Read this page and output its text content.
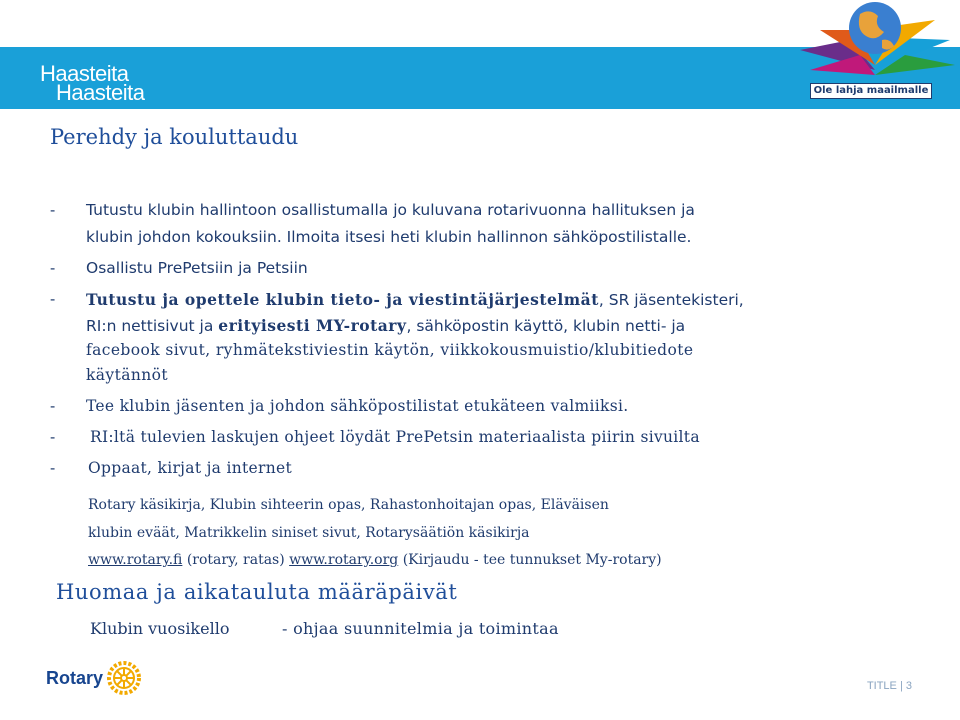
Haasteita
Haasteita	Ole lahja maailmalle
Perehdy ja kouluttaudu
- Tutustu klubin hallintoon osallistumalla jo kuluvana rotarivuonna hallituksen ja
klubin johdon kokouksiin. Ilmoita itsesi heti klubin hallinnon sähköpostilistalle.
- Osallistu PrePetsiin ja Petsiin
- Tutustu ja opettele klubin tieto- ja viestintäjärjestelmät, SR jäsentekisteri,
RI:n nettisivut ja erityisesti MY-rotary, sähköpostin käyttö, klubin netti- ja
facebook sivut, ryhmätekstiviestin käytön, viikkokousmuistio/klubitiedote
käytännöt
- Tee klubin jäsenten ja johdon sähköpostilistat etukäteen valmiiksi.
- RI:ltä tulevien laskujen ohjeet löydät PrePetsin materiaalista piirin sivuilta
- Oppaat, kirjat ja internet
Rotary käsikirja, Klubin sihteerin opas, Rahastonhoitajan opas, Eläväisen
klubin eväät, Matrikkelin siniset sivut, Rotarysäätiön käsikirja
www.rotary.fi (rotary, ratas) www.rotary.org (Kirjaudu - tee tunnukset My-rotary)
Huomaa ja aikatauluta määräpäivät
Klubin vuosikello	- ohjaa suunnitelmia ja toimintaa
Rotary	TITLE | 3
